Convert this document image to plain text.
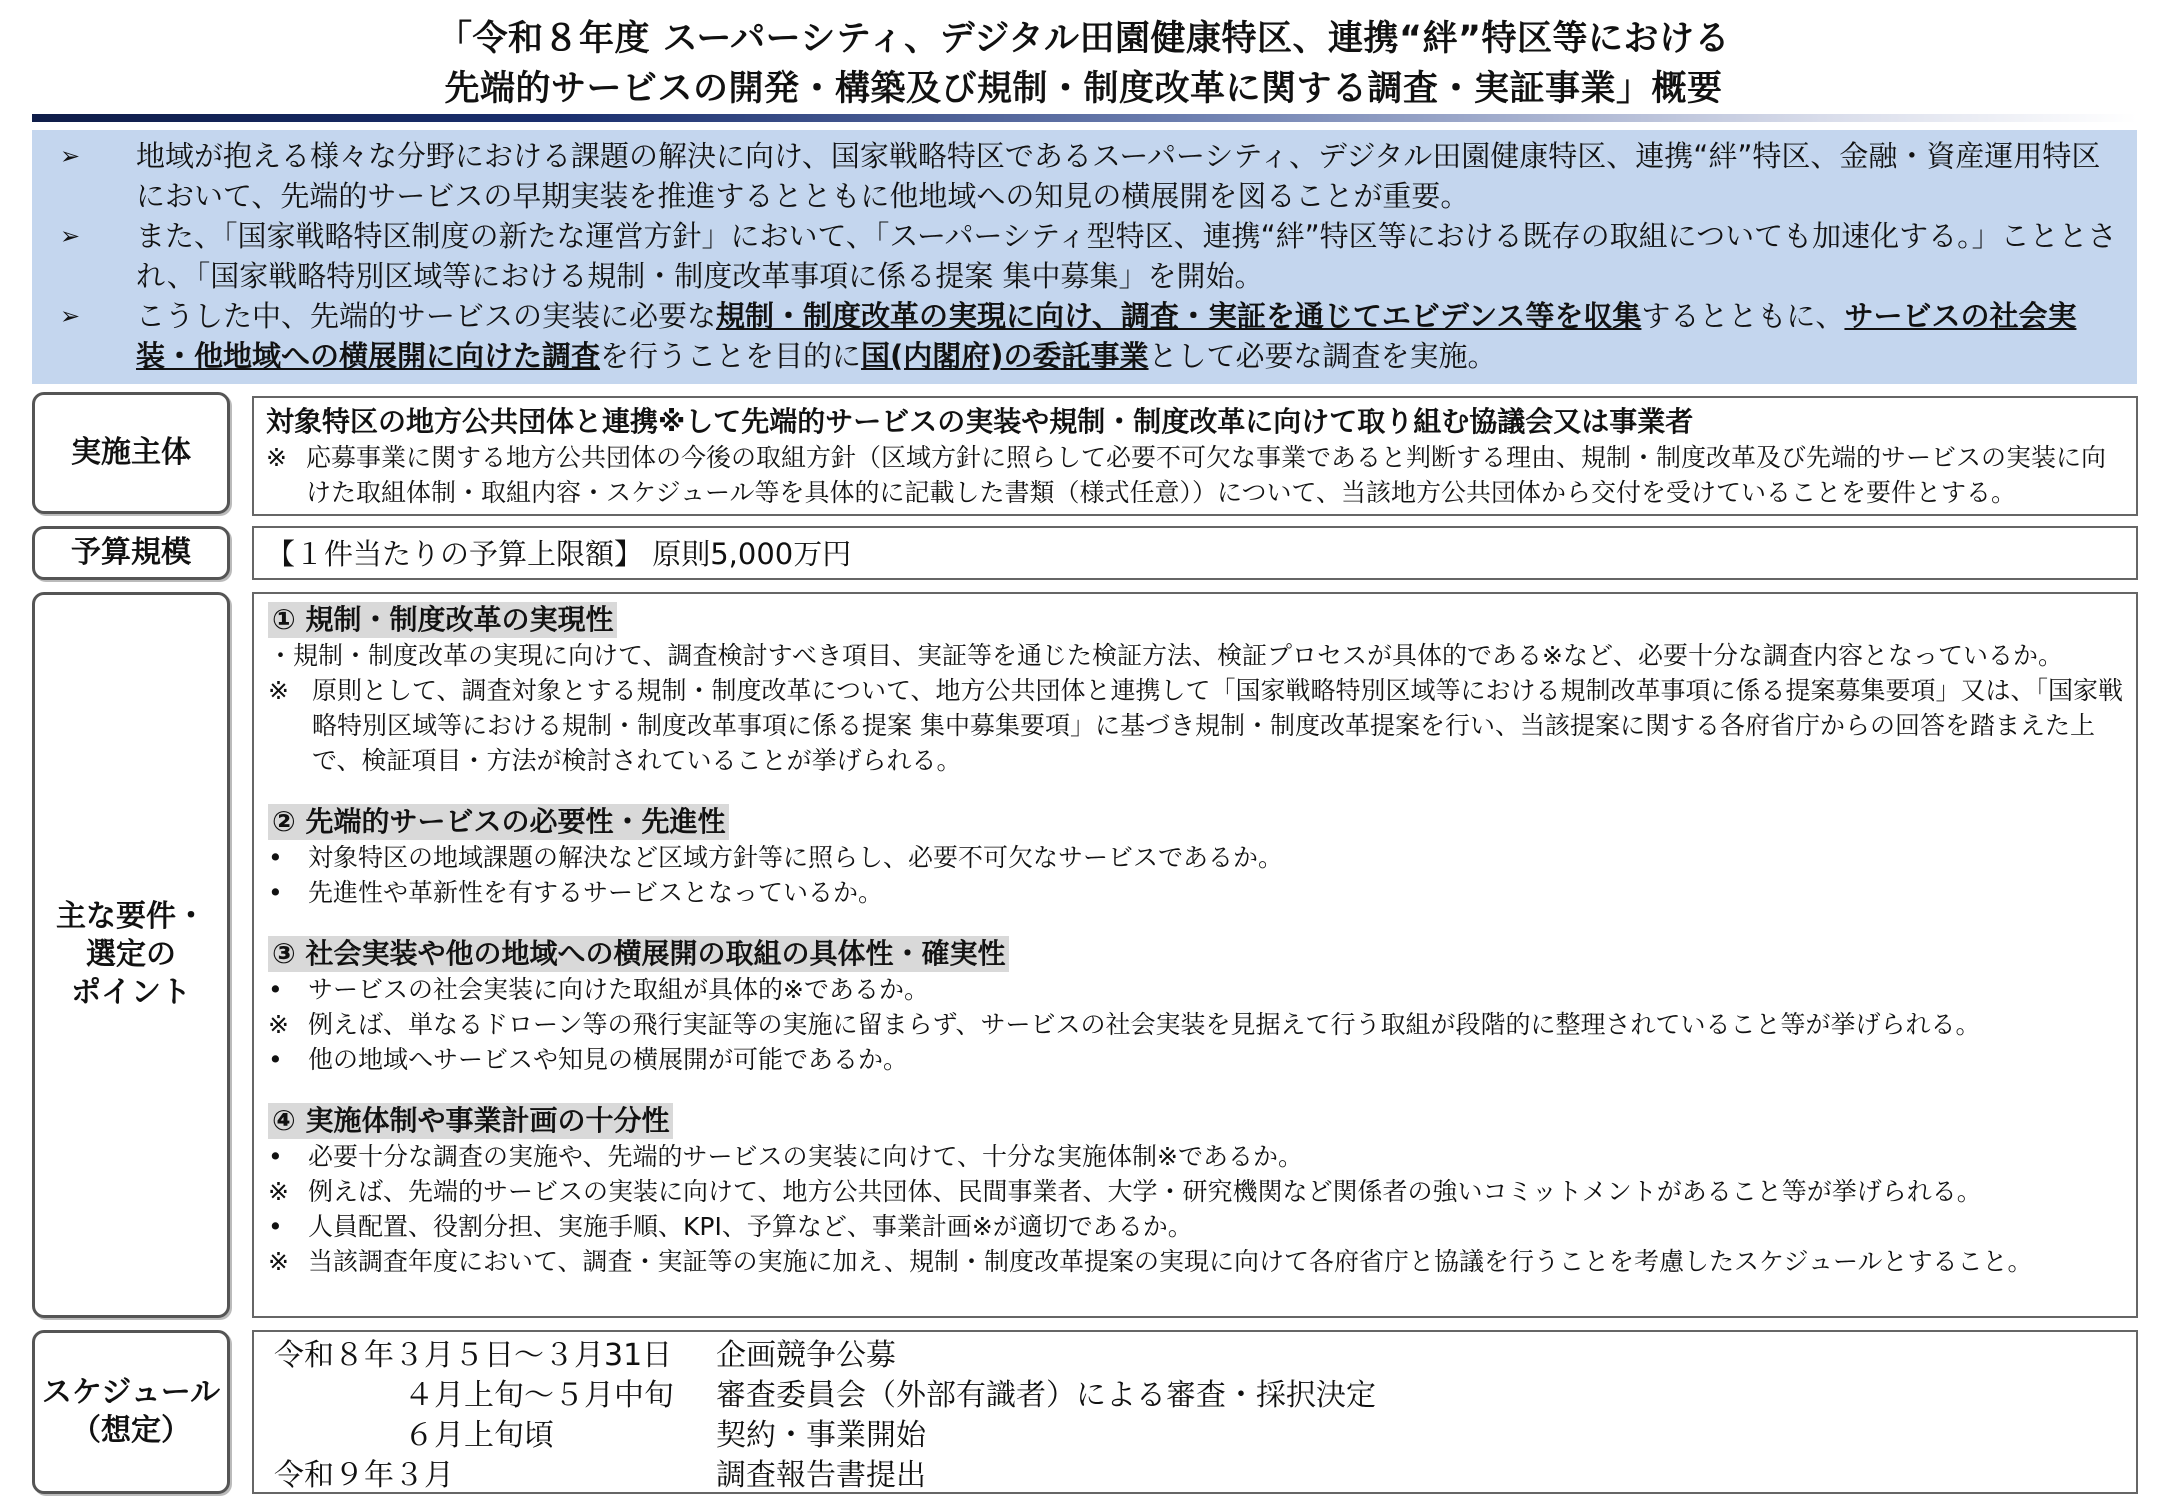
「令和８年度 スーパーシティ、デジタル田園健康特区、連携“絆”特区等における
先端的サービスの開発・構築及び規制・制度改革に関する調査・実証事業」概要
➢	地域が抱える様々な分野における課題の解決に向け、国家戦略特区であるスーパーシティ、デジタル田園健康特区、連携“絆”特区、金融・資産運用特区において、先端的サービスの早期実装を推進するとともに他地域への知見の横展開を図ることが重要。
➢	また、「国家戦略特区制度の新たな運営方針」において、「スーパーシティ型特区、連携“絆”特区等における既存の取組についても加速化する。」こととされ、「国家戦略特別区域等における規制・制度改革事項に係る提案 集中募集」を開始。
➢	こうした中、先端的サービスの実装に必要な規制・制度改革の実現に向け、調査・実証を通じてエビデンス等を収集するとともに、サービスの社会実装・他地域への横展開に向けた調査を行うことを目的に国(内閣府)の委託事業として必要な調査を実施。
実施主体
対象特区の地方公共団体と連携※して先端的サービスの実装や規制・制度改革に向けて取り組む協議会又は事業者
※ 応募事業に関する地方公共団体の今後の取組方針（区域方針に照らして必要不可欠な事業であると判断する理由、規制・制度改革及び先端的サービスの実装に向けた取組体制・取組内容・スケジュール等を具体的に記載した書類（様式任意））について、当該地方公共団体から交付を受けていることを要件とする。
予算規模	【１件当たりの予算上限額】 原則5,000万円
主な要件・
選定の
ポイント
① 規制・制度改革の実現性
・規制・制度改革の実現に向けて、調査検討すべき項目、実証等を通じた検証方法、検証プロセスが具体的である※など、必要十分な調査内容となっているか。
※ 原則として、調査対象とする規制・制度改革について、地方公共団体と連携して「国家戦略特別区域等における規制改革事項に係る提案募集要項」又は、「国家戦略特別区域等における規制・制度改革事項に係る提案 集中募集要項」に基づき規制・制度改革提案を行い、当該提案に関する各府省庁からの回答を踏まえた上で、検証項目・方法が検討されていることが挙げられる。
② 先端的サービスの必要性・先進性
•	対象特区の地域課題の解決など区域方針等に照らし、必要不可欠なサービスであるか。
•	先進性や革新性を有するサービスとなっているか。
③ 社会実装や他の地域への横展開の取組の具体性・確実性
•	サービスの社会実装に向けた取組が具体的※であるか。
※ 例えば、単なるドローン等の飛行実証等の実施に留まらず、サービスの社会実装を見据えて行う取組が段階的に整理されていること等が挙げられる。
•	他の地域へサービスや知見の横展開が可能であるか。
④ 実施体制や事業計画の十分性
•	必要十分な調査の実施や、先端的サービスの実装に向けて、十分な実施体制※であるか。
※ 例えば、先端的サービスの実装に向けて、地方公共団体、民間事業者、大学・研究機関など関係者の強いコミットメントがあること等が挙げられる。
•	人員配置、役割分担、実施手順、KPI、予算など、事業計画※が適切であるか。
※ 当該調査年度において、調査・実証等の実施に加え、規制・制度改革提案の実現に向けて各府省庁と協議を行うことを考慮したスケジュールとすること。
スケジュール
（想定）
令和８年３月５日～３月31日	企画競争公募
４月上旬～５月中旬	審査委員会（外部有識者）による審査・採択決定
６月上旬頃	契約・事業開始
令和９年３月	調査報告書提出
